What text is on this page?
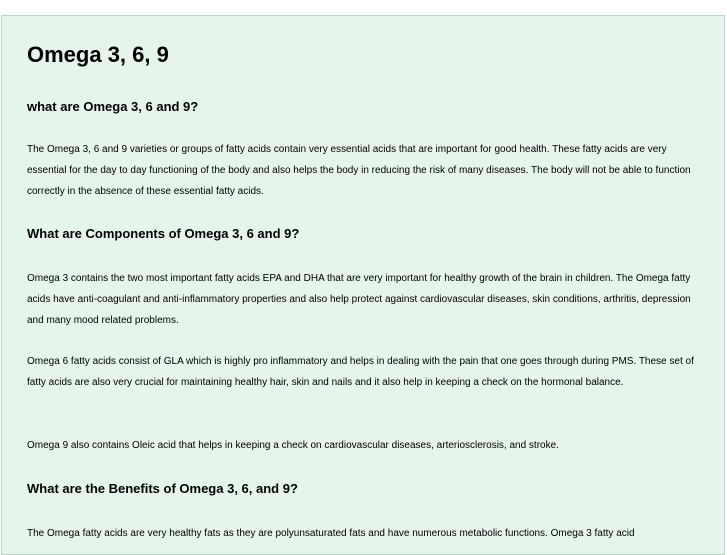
Omega 3, 6, 9
what are Omega 3, 6 and 9?

The Omega 3, 6 and 9 varieties or groups of fatty acids contain very essential acids that are important for good health. These fatty acids are very essential for the day to day functioning of the body and also helps the body in reducing the risk of many diseases. The body will not be able to function correctly in the absence of these essential fatty acids.

What are Components of Omega 3, 6 and 9?

Omega 3 contains the two most important fatty acids EPA and DHA that are very important for healthy growth of the brain in children. The Omega fatty acids have anti-coagulant and anti-inflammatory properties and also help protect against cardiovascular diseases, skin conditions, arthritis, depression and many mood related problems.

Omega 6 fatty acids consist of GLA which is highly pro inflammatory and helps in dealing with the pain that one goes through during PMS. These set of fatty acids are also very crucial for maintaining healthy hair, skin and nails and it also help in keeping a check on the hormonal balance.

Omega 9 also contains Oleic acid that helps in keeping a check on cardiovascular diseases, arteriosclerosis, and stroke.

What are the Benefits of Omega 3, 6, and 9?

The Omega fatty acids are very healthy fats as they are polyunsaturated fats and have numerous metabolic functions. Omega 3 fatty acid
